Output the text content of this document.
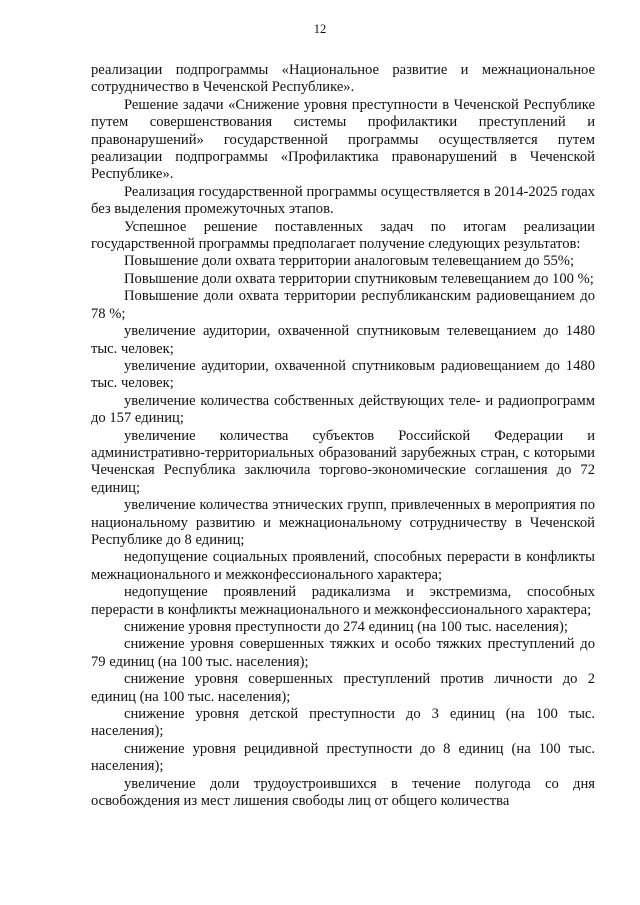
12

реализации подпрограммы «Национальное развитие и межнациональное сотрудничество в Чеченской Республике».

Решение задачи «Снижение уровня преступности в Чеченской Республике путем совершенствования системы профилактики преступлений и правонарушений» государственной программы осуществляется путем реализации подпрограммы «Профилактика правонарушений в Чеченской Республике».

Реализация государственной программы осуществляется в 2014-2025 годах без выделения промежуточных этапов.

Успешное решение поставленных задач по итогам реализации государственной программы предполагает получение следующих результатов:

Повышение доли охвата территории аналоговым телевещанием до 55%;

Повышение доли охвата территории спутниковым телевещанием до 100 %;

Повышение доли охвата территории республиканским радиовещанием до 78 %;

увеличение аудитории, охваченной спутниковым телевещанием до 1480 тыс. человек;

увеличение аудитории, охваченной спутниковым радиовещанием до 1480 тыс. человек;

увеличение количества собственных действующих теле- и радиопрограмм до 157 единиц;

увеличение количества субъектов Российской Федерации и административно-территориальных образований зарубежных стран, с которыми Чеченская Республика заключила торгово-экономические соглашения до 72 единиц;

увеличение количества этнических групп, привлеченных в мероприятия по национальному развитию и межнациональному сотрудничеству в Чеченской Республике до 8 единиц;

недопущение социальных проявлений, способных перерасти в конфликты межнационального и межконфессионального характера;

недопущение проявлений радикализма и экстремизма, способных перерасти в конфликты межнационального и межконфессионального характера;

снижение уровня преступности до 274 единиц (на 100 тыс. населения);

снижение уровня совершенных тяжких и особо тяжких преступлений до 79 единиц (на 100 тыс. населения);

снижение уровня совершенных преступлений против личности до 2 единиц (на 100 тыс. населения);

снижение уровня детской преступности до 3 единиц (на 100 тыс. населения);

снижение уровня рецидивной преступности до 8 единиц (на 100 тыс. населения);

увеличение доли трудоустроившихся в течение полугода со дня освобождения из мест лишения свободы лиц от общего количества
